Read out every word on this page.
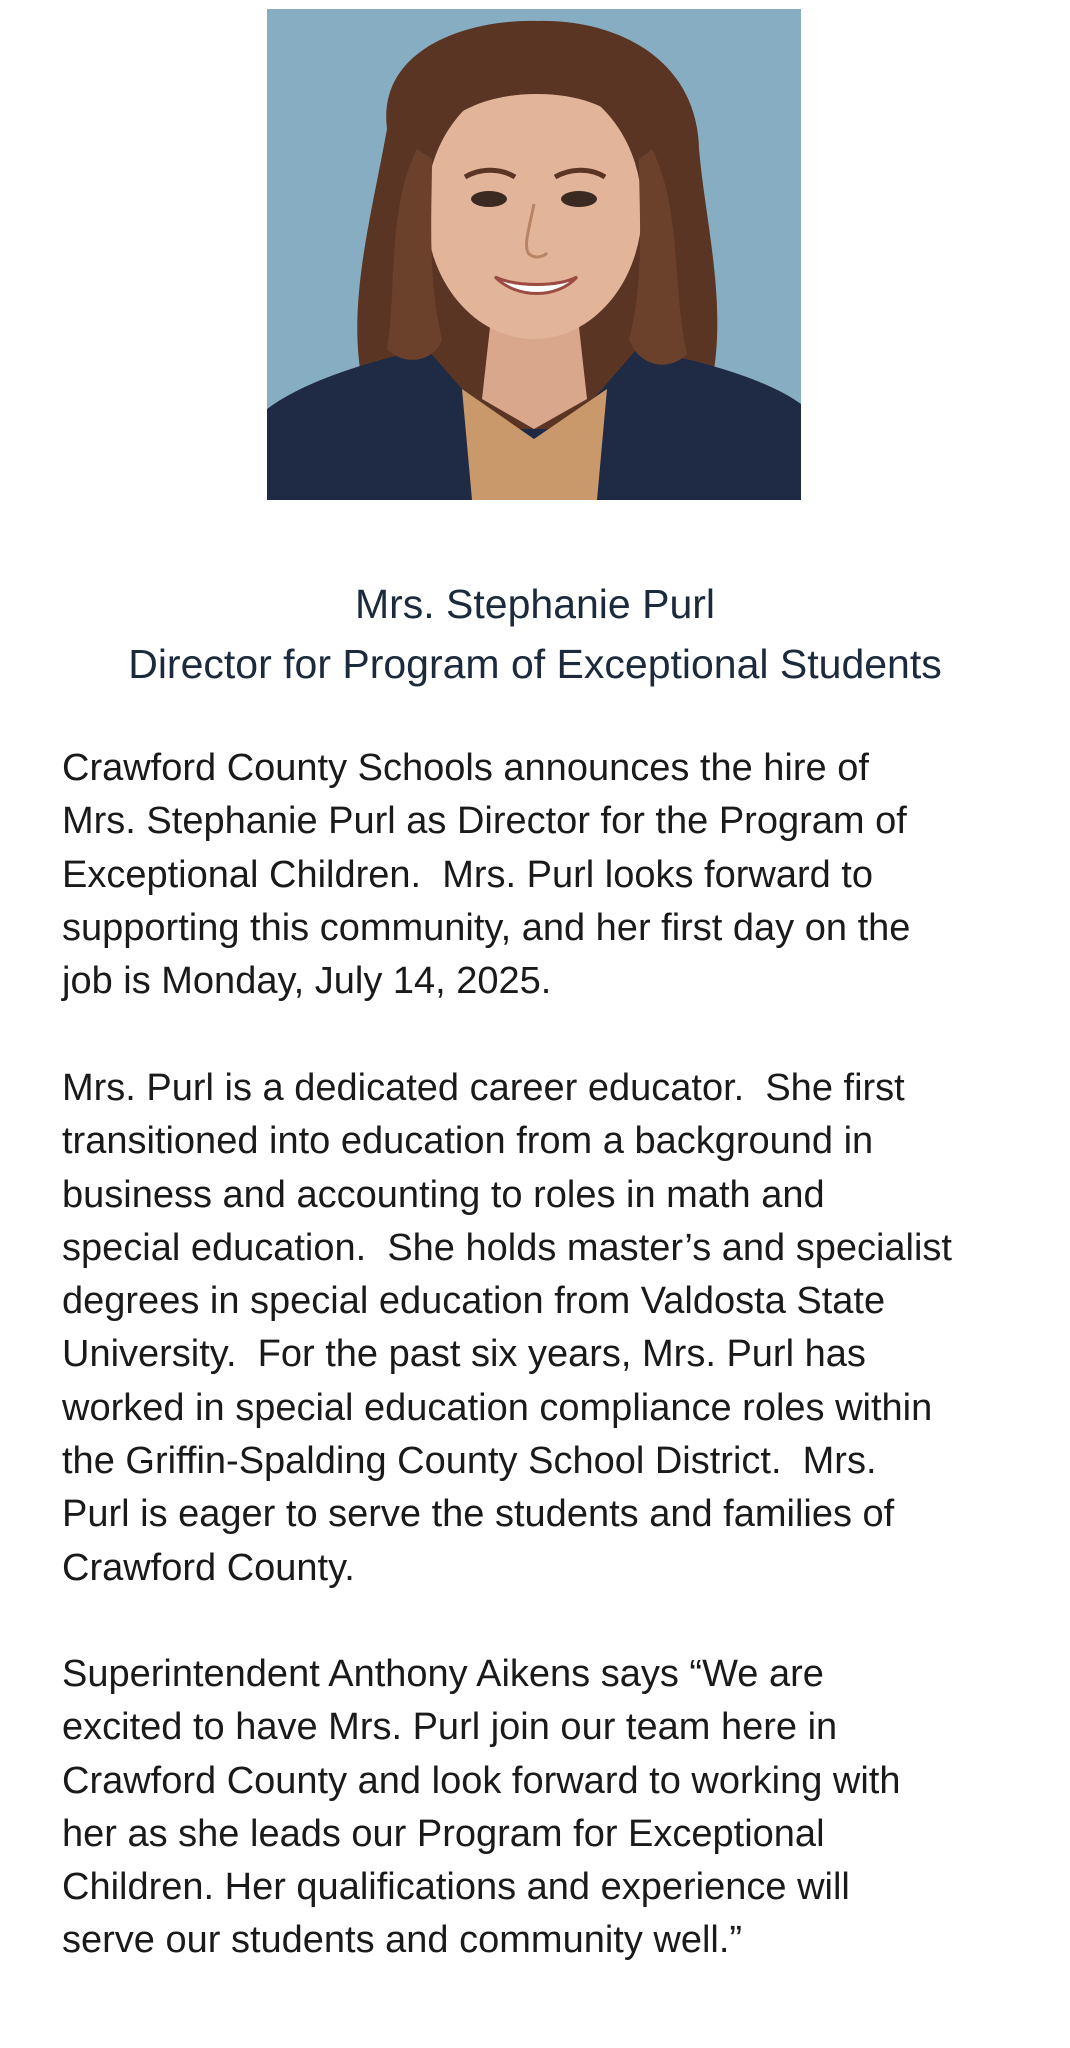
Mrs. Stephanie Purl
Director for Program of Exceptional Students

Crawford County Schools announces the hire of
Mrs. Stephanie Purl as Director for the Program of
Exceptional Children.  Mrs. Purl looks forward to
supporting this community, and her first day on the
job is Monday, July 14, 2025.

Mrs. Purl is a dedicated career educator.  She first
transitioned into education from a background in
business and accounting to roles in math and
special education.  She holds master’s and specialist
degrees in special education from Valdosta State
University.  For the past six years, Mrs. Purl has
worked in special education compliance roles within
the Griffin-Spalding County School District.  Mrs.
Purl is eager to serve the students and families of
Crawford County.

Superintendent Anthony Aikens says “We are
excited to have Mrs. Purl join our team here in
Crawford County and look forward to working with
her as she leads our Program for Exceptional
Children. Her qualifications and experience will
serve our students and community well.”
